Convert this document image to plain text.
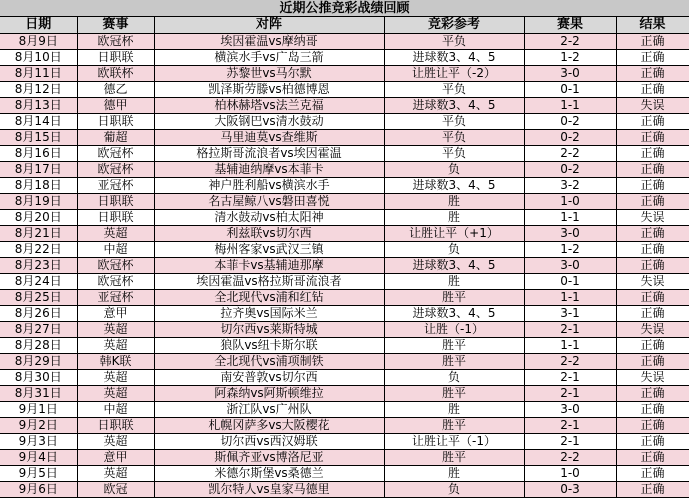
近期公推竞彩战绩回顾
日期	赛事	对阵	竞彩参考	赛果	结果
8月9日	欧冠杯	埃因霍温vs摩纳哥	平负	2-2	正确
8月10日	日职联	横滨水手vs广岛三箭	进球数3、4、5	1-2	正确
8月11日	欧联杯	苏黎世vs马尔默	让胜让平（-2）	3-0	正确
8月12日	德乙	凯泽斯劳滕vs柏德博恩	平负	0-1	正确
8月13日	德甲	柏林赫塔vs法兰克福	进球数3、4、5	1-1	失误
8月14日	日职联	大阪钢巴vs清水鼓动	平负	0-2	正确
8月15日	葡超	马里迪莫vs查维斯	平负	0-2	正确
8月16日	欧冠杯	格拉斯哥流浪者vs埃因霍温	平负	2-2	正确
8月17日	欧冠杯	基辅迪纳摩vs本菲卡	负	0-2	正确
8月18日	亚冠杯	神户胜利船vs横滨水手	进球数3、4、5	3-2	正确
8月19日	日职联	名古屋鲸八vs磐田喜悦	胜	1-0	正确
8月20日	日职联	清水鼓动vs柏太阳神	胜	1-1	失误
8月21日	英超	利兹联vs切尔西	让胜让平（+1）	3-0	正确
8月22日	中超	梅州客家vs武汉三镇	负	1-2	正确
8月23日	欧冠杯	本菲卡vs基辅迪那摩	进球数3、4、5	3-0	正确
8月24日	欧冠杯	埃因霍温vs格拉斯哥流浪者	胜	0-1	失误
8月25日	亚冠杯	全北现代vs浦和红钻	胜平	1-1	正确
8月26日	意甲	拉齐奥vs国际米兰	进球数3、4、5	3-1	正确
8月27日	英超	切尔西vs莱斯特城	让胜（-1）	2-1	失误
8月28日	英超	狼队vs纽卡斯尔联	胜平	1-1	正确
8月29日	韩K联	全北现代vs浦项制铁	胜平	2-2	正确
8月30日	英超	南安普敦vs切尔西	负	2-1	失误
8月31日	英超	阿森纳vs阿斯顿维拉	胜平	2-1	正确
9月1日	中超	浙江队vs广州队	胜	3-0	正确
9月2日	日职联	札幌冈萨多vs大阪樱花	胜平	2-1	正确
9月3日	英超	切尔西vs西汉姆联	让胜让平（-1）	2-1	正确
9月4日	意甲	斯佩齐亚vs博洛尼亚	胜平	2-2	正确
9月5日	英超	米德尔斯堡vs桑德兰	胜	1-0	正确
9月6日	欧冠	凯尔特人vs皇家马德里	负	0-3	正确
